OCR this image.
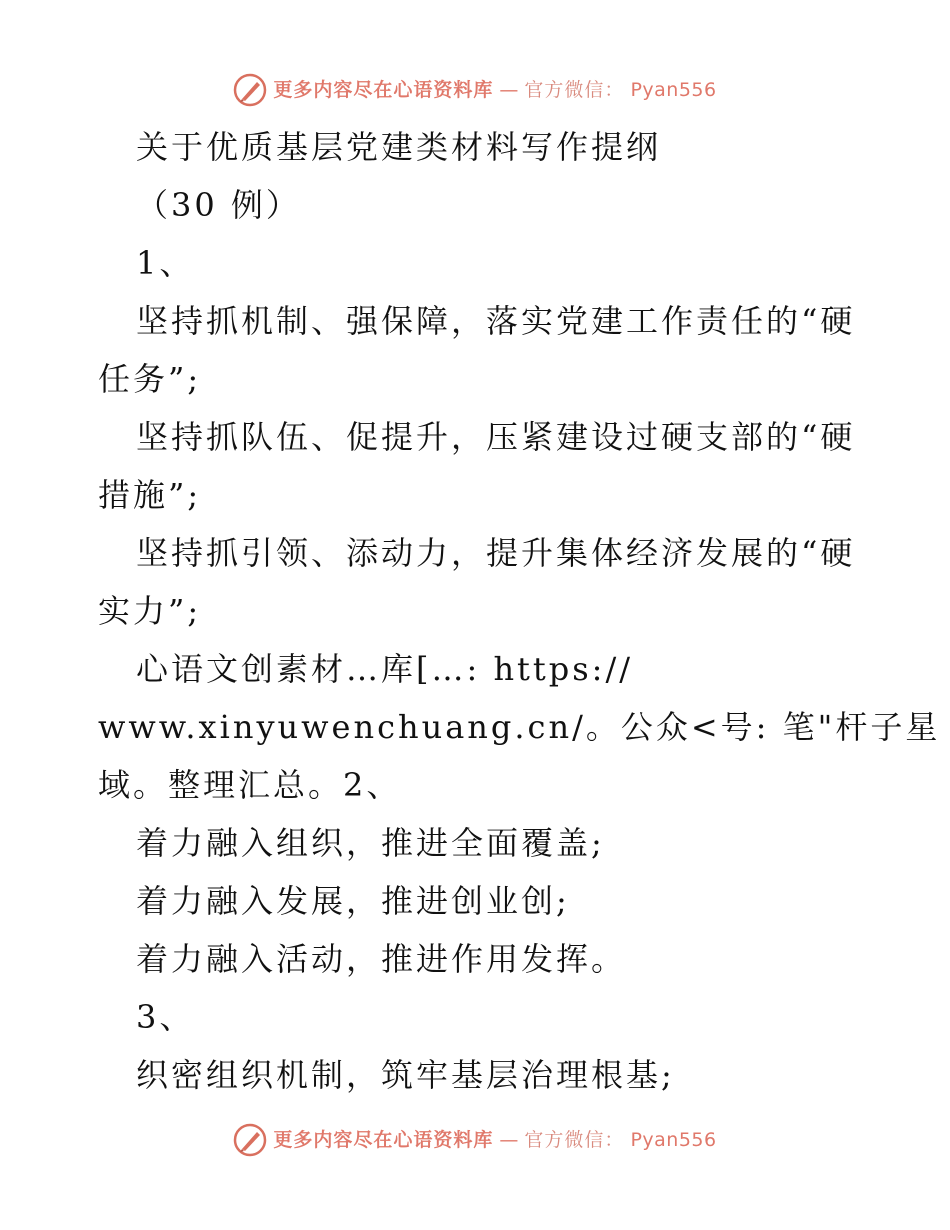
更多内容尽在心语资料库 — 官方微信： Pyan556
关于优质基层党建类材料写作提纲
（30 例）
1、
坚持抓机制、强保障，落实党建工作责任的“硬
任务”;
坚持抓队伍、促提升，压紧建设过硬支部的“硬
措施”;
坚持抓引领、添动力，提升集体经济发展的“硬
实力”;
心语文创素材…库[…: https://
www.xinyuwenchuang.cn/。公众<号: 笔"杆子星
域。整理汇总。2、
着力融入组织，推进全面覆盖;
着力融入发展，推进创业创;
着力融入活动，推进作用发挥。
3、
织密组织机制，筑牢基层治理根基;
更多内容尽在心语资料库 — 官方微信： Pyan556
